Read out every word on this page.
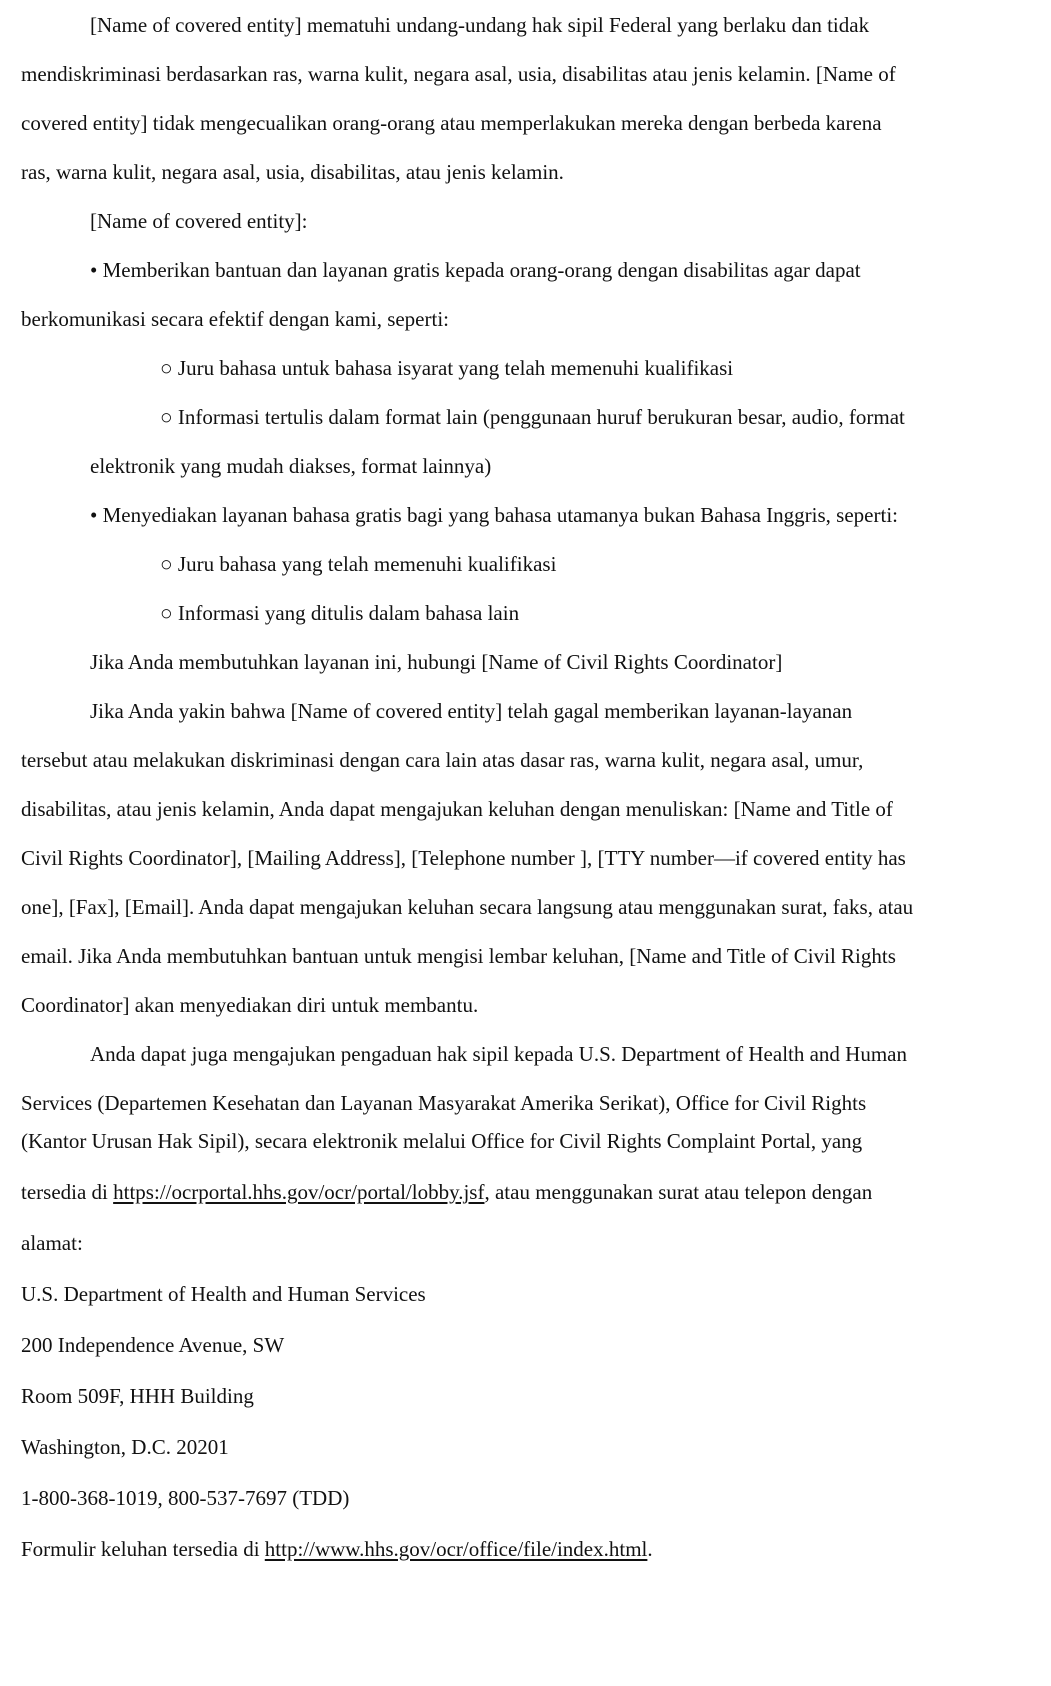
[Name of covered entity] mematuhi undang-undang hak sipil Federal yang berlaku dan tidak
mendiskriminasi berdasarkan ras, warna kulit, negara asal, usia, disabilitas atau jenis kelamin. [Name of
covered entity] tidak mengecualikan orang-orang atau memperlakukan mereka dengan berbeda karena
ras, warna kulit, negara asal, usia, disabilitas, atau jenis kelamin.
[Name of covered entity]:
• Memberikan bantuan dan layanan gratis kepada orang-orang dengan disabilitas agar dapat
berkomunikasi secara efektif dengan kami, seperti:
○ Juru bahasa untuk bahasa isyarat yang telah memenuhi kualifikasi
○ Informasi tertulis dalam format lain (penggunaan huruf berukuran besar, audio, format
elektronik yang mudah diakses, format lainnya)
• Menyediakan layanan bahasa gratis bagi yang bahasa utamanya bukan Bahasa Inggris, seperti:
○ Juru bahasa yang telah memenuhi kualifikasi
○ Informasi yang ditulis dalam bahasa lain
Jika Anda membutuhkan layanan ini, hubungi [Name of Civil Rights Coordinator]
Jika Anda yakin bahwa [Name of covered entity] telah gagal memberikan layanan-layanan
tersebut atau melakukan diskriminasi dengan cara lain atas dasar ras, warna kulit, negara asal, umur,
disabilitas, atau jenis kelamin, Anda dapat mengajukan keluhan dengan menuliskan: [Name and Title of
Civil Rights Coordinator], [Mailing Address], [Telephone number ], [TTY number—if covered entity has
one], [Fax], [Email]. Anda dapat mengajukan keluhan secara langsung atau menggunakan surat, faks, atau
email. Jika Anda membutuhkan bantuan untuk mengisi lembar keluhan, [Name and Title of Civil Rights
Coordinator] akan menyediakan diri untuk membantu.
Anda dapat juga mengajukan pengaduan hak sipil kepada U.S. Department of Health and Human
Services (Departemen Kesehatan dan Layanan Masyarakat Amerika Serikat), Office for Civil Rights
(Kantor Urusan Hak Sipil), secara elektronik melalui Office for Civil Rights Complaint Portal, yang
tersedia di https://ocrportal.hhs.gov/ocr/portal/lobby.jsf, atau menggunakan surat atau telepon dengan
alamat:
U.S. Department of Health and Human Services
200 Independence Avenue, SW
Room 509F, HHH Building
Washington, D.C. 20201
1-800-368-1019, 800-537-7697 (TDD)
Formulir keluhan tersedia di http://www.hhs.gov/ocr/office/file/index.html.
